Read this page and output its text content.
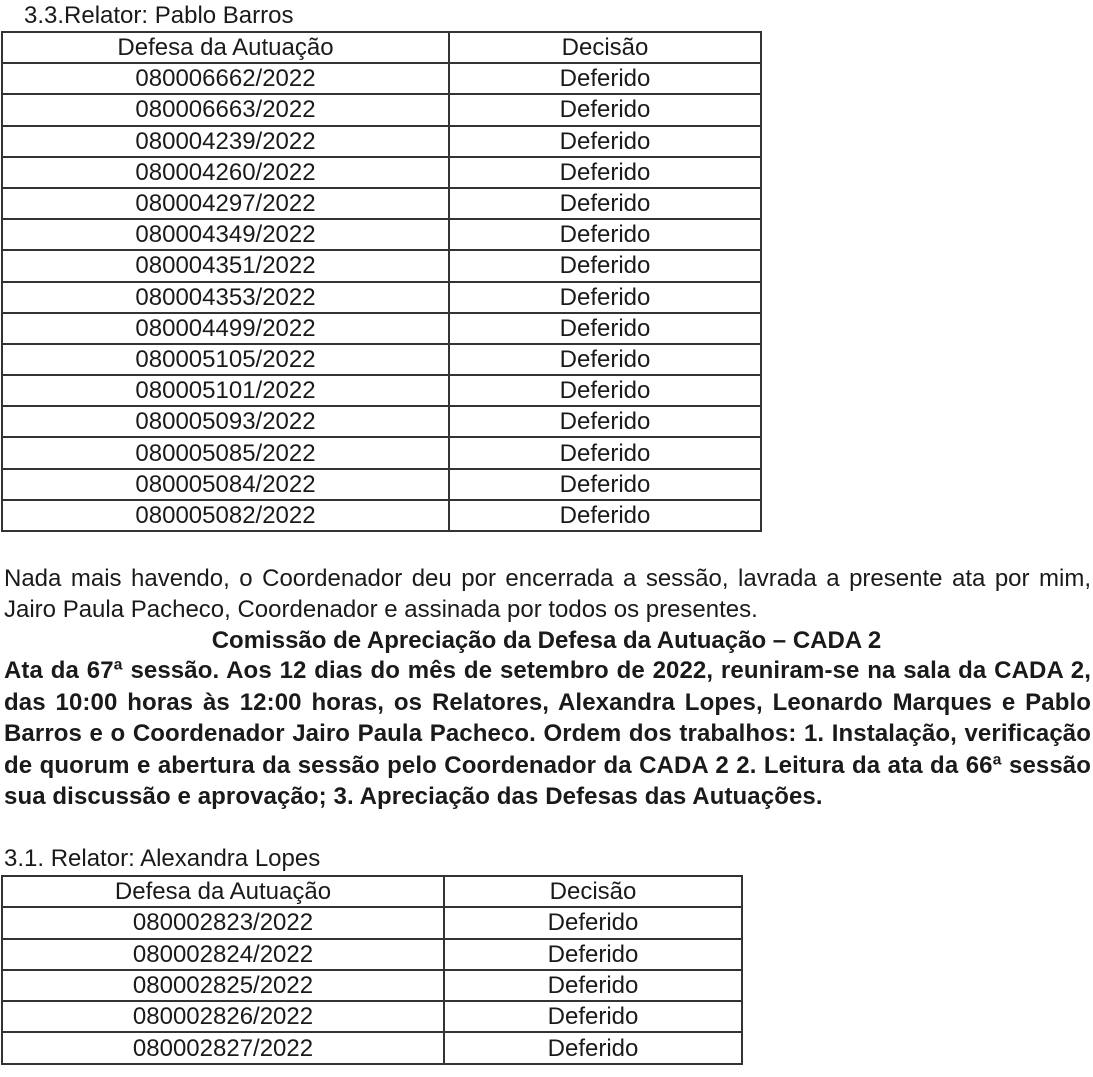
3.3.Relator: Pablo Barros
Defesa da Autuação	Decisão
080006662/2022	Deferido
080006663/2022	Deferido
080004239/2022	Deferido
080004260/2022	Deferido
080004297/2022	Deferido
080004349/2022	Deferido
080004351/2022	Deferido
080004353/2022	Deferido
080004499/2022	Deferido
080005105/2022	Deferido
080005101/2022	Deferido
080005093/2022	Deferido
080005085/2022	Deferido
080005084/2022	Deferido
080005082/2022	Deferido
Nada mais havendo, o Coordenador deu por encerrada a sessão, lavrada a presente ata por mim, Jairo Paula Pacheco, Coordenador e assinada por todos os presentes.
Comissão de Apreciação da Defesa da Autuação – CADA 2
Ata da 67ª sessão. Aos 12 dias do mês de setembro de 2022, reuniram-se na sala da CADA 2, das 10:00 horas às 12:00 horas, os Relatores, Alexandra Lopes, Leonardo Marques e Pablo Barros e o Coordenador Jairo Paula Pacheco. Ordem dos trabalhos: 1. Instalação, verificação de quorum e abertura da sessão pelo Coordenador da CADA 2 2. Leitura da ata da 66ª sessão sua discussão e aprovação; 3. Apreciação das Defesas das Autuações.
3.1. Relator: Alexandra Lopes
Defesa da Autuação	Decisão
080002823/2022	Deferido
080002824/2022	Deferido
080002825/2022	Deferido
080002826/2022	Deferido
080002827/2022	Deferido
